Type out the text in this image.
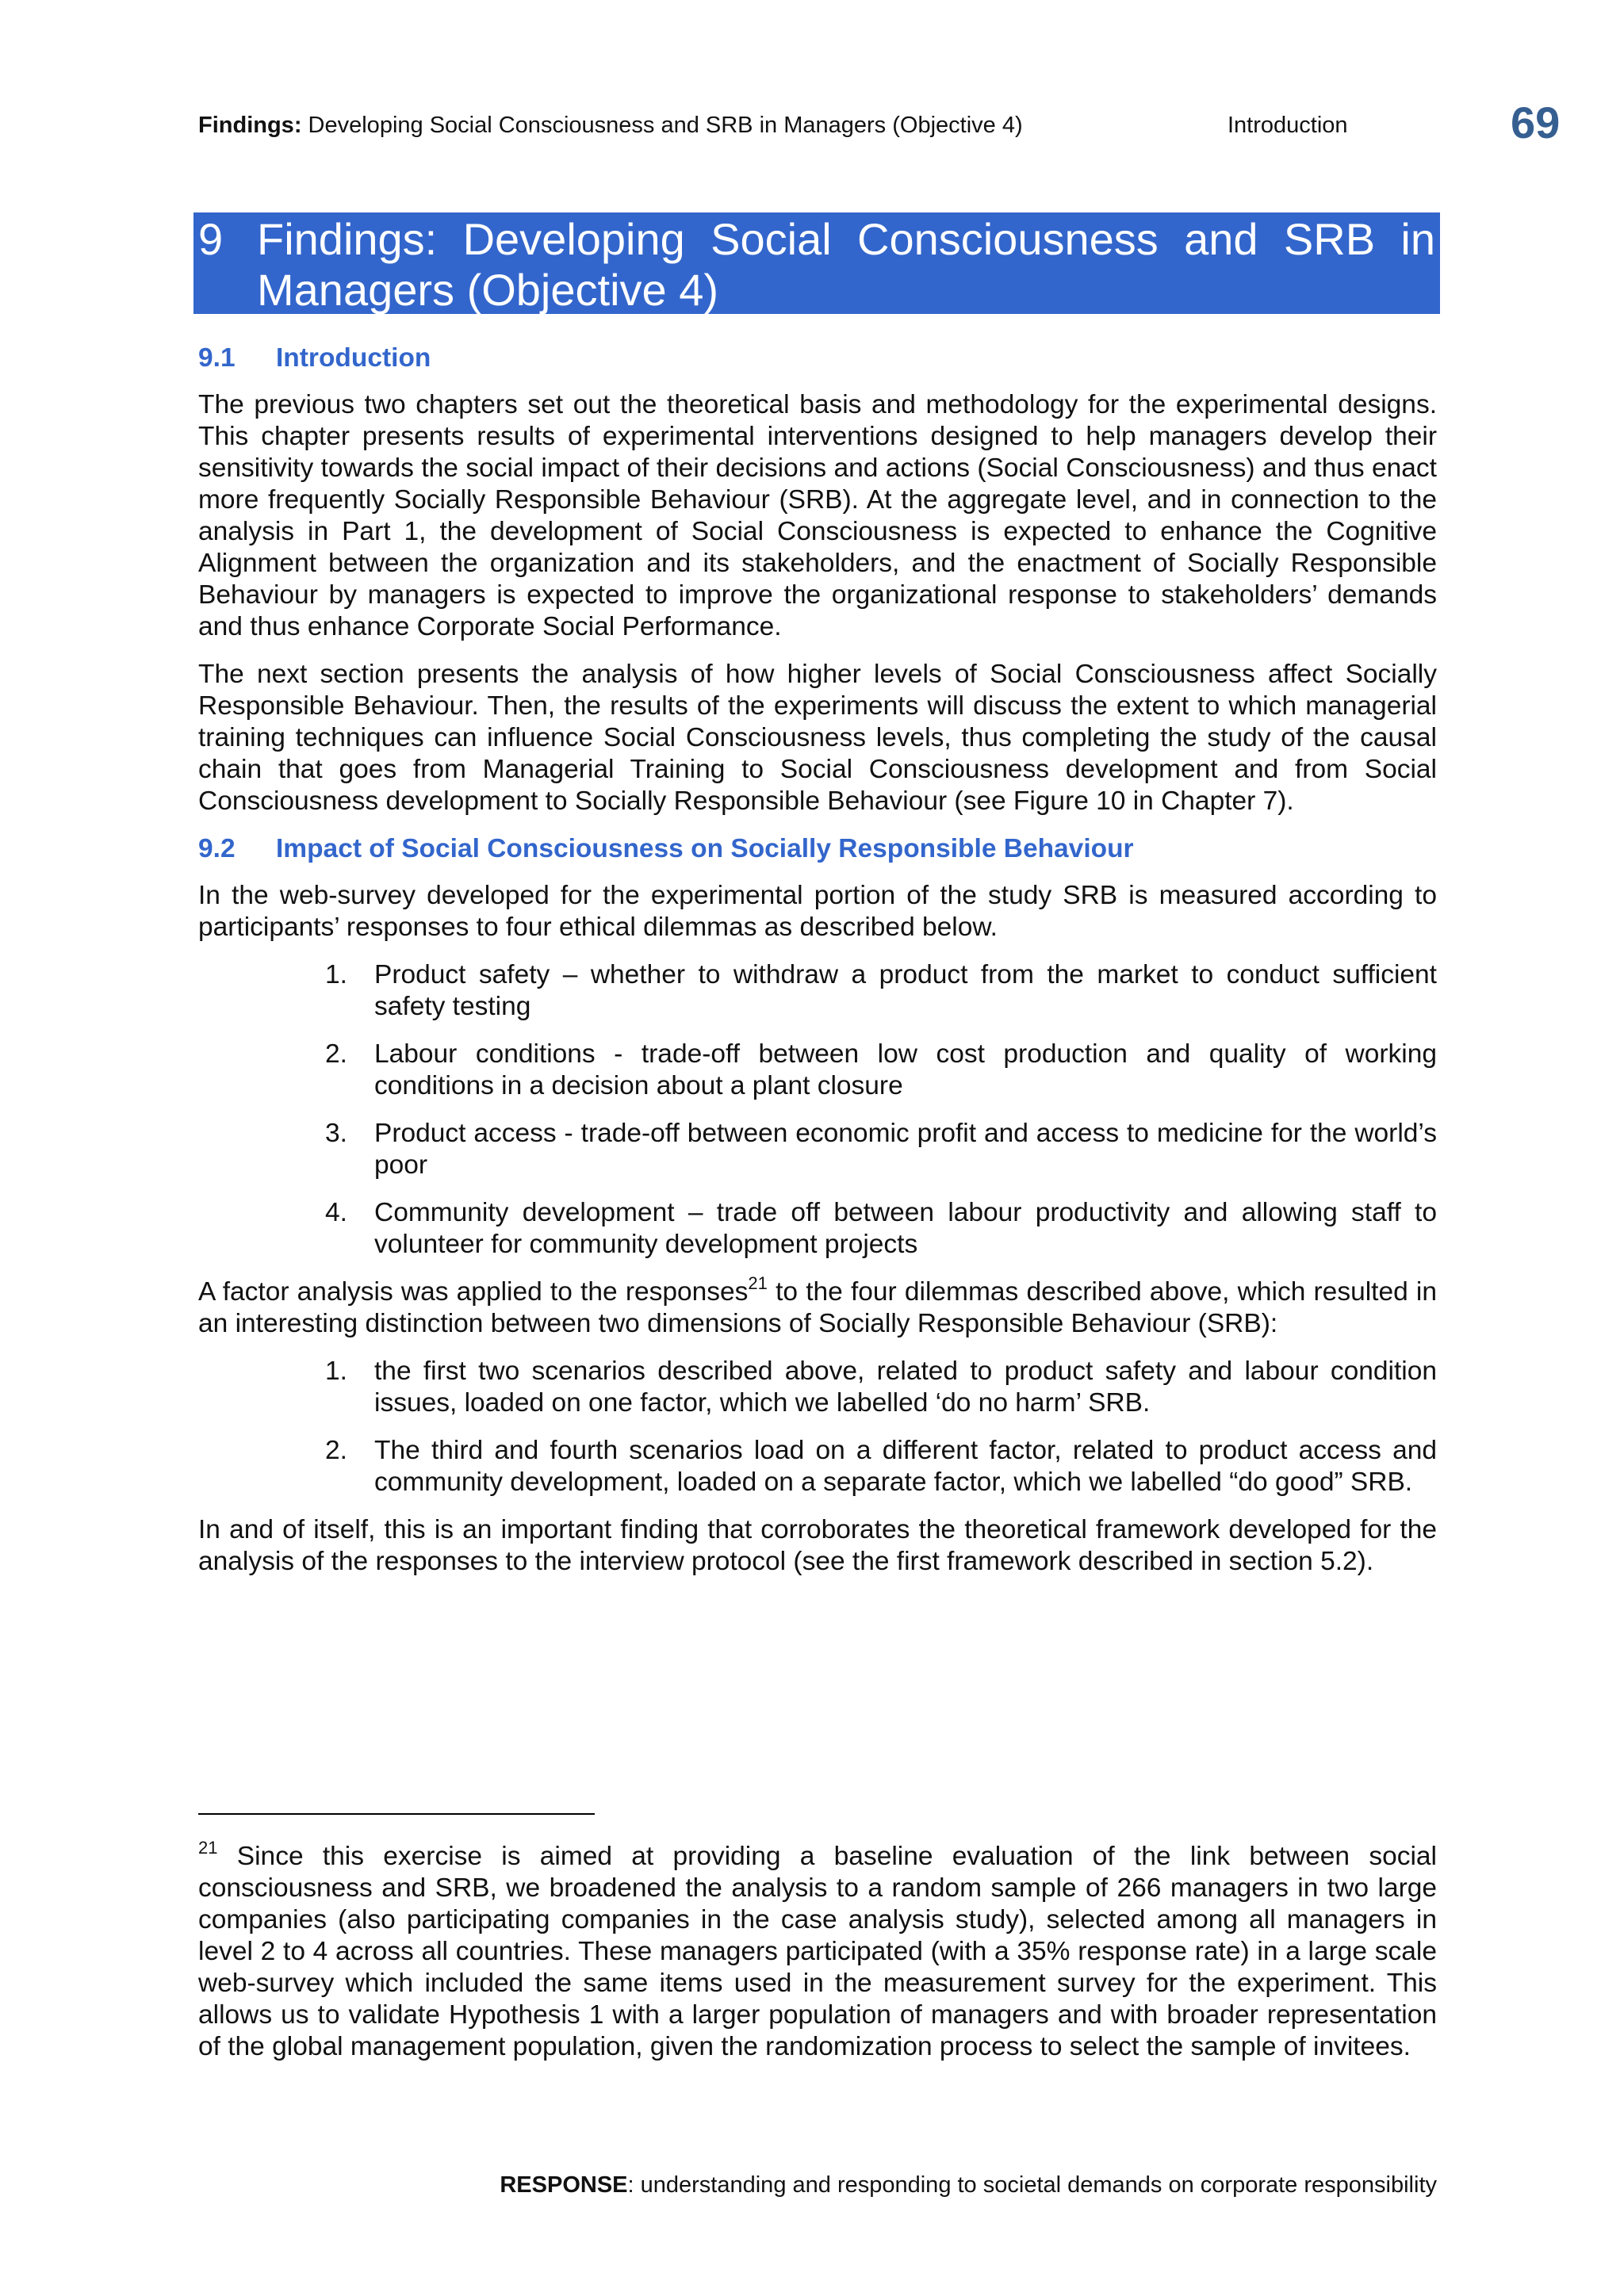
Findings: Developing Social Consciousness and SRB in Managers (Objective 4)	Introduction	69
9 Findings: Developing Social Consciousness and SRB in Managers (Objective 4)
9.1 Introduction

The previous two chapters set out the theoretical basis and methodology for the experimental designs. This chapter presents results of experimental interventions designed to help managers develop their sensitivity towards the social impact of their decisions and actions (Social Consciousness) and thus enact more frequently Socially Responsible Behaviour (SRB). At the aggregate level, and in connection to the analysis in Part 1, the development of Social Consciousness is expected to enhance the Cognitive Alignment between the organization and its stakeholders, and the enactment of Socially Responsible Behaviour by managers is expected to improve the organizational response to stakeholders’ demands and thus enhance Corporate Social Performance.

The next section presents the analysis of how higher levels of Social Consciousness affect Socially Responsible Behaviour. Then, the results of the experiments will discuss the extent to which managerial training techniques can influence Social Consciousness levels, thus completing the study of the causal chain that goes from Managerial Training to Social Consciousness development and from Social Consciousness development to Socially Responsible Behaviour (see Figure 10 in Chapter 7).

9.2 Impact of Social Consciousness on Socially Responsible Behaviour

In the web-survey developed for the experimental portion of the study SRB is measured according to participants’ responses to four ethical dilemmas as described below.

1. Product safety – whether to withdraw a product from the market to conduct sufficient safety testing
2. Labour conditions - trade-off between low cost production and quality of working conditions in a decision about a plant closure
3. Product access - trade-off between economic profit and access to medicine for the world’s poor
4. Community development – trade off between labour productivity and allowing staff to volunteer for community development projects

A factor analysis was applied to the responses$^{21}$ to the four dilemmas described above, which resulted in an interesting distinction between two dimensions of Socially Responsible Behaviour (SRB):

1. the first two scenarios described above, related to product safety and labour condition issues, loaded on one factor, which we labelled ‘do no harm’ SRB.
2. The third and fourth scenarios load on a different factor, related to product access and community development, loaded on a separate factor, which we labelled “do good” SRB.

In and of itself, this is an important finding that corroborates the theoretical framework developed for the analysis of the responses to the interview protocol (see the first framework described in section 5.2).

$^{21}$ Since this exercise is aimed at providing a baseline evaluation of the link between social consciousness and SRB, we broadened the analysis to a random sample of 266 managers in two large companies (also participating companies in the case analysis study), selected among all managers in level 2 to 4 across all countries. These managers participated (with a 35% response rate) in a large scale web-survey which included the same items used in the measurement survey for the experiment. This allows us to validate Hypothesis 1 with a larger population of managers and with broader representation of the global management population, given the randomization process to select the sample of invitees.
RESPONSE: understanding and responding to societal demands on corporate responsibility
